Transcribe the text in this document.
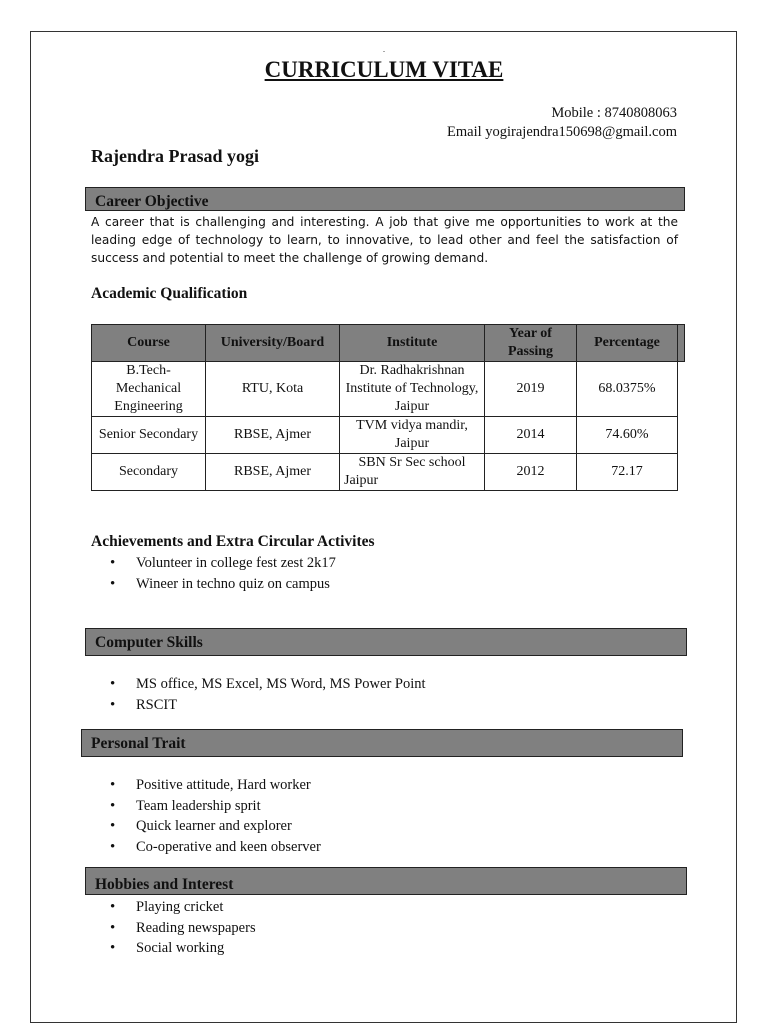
.
CURRICULUM VITAE
Mobile : 8740808063
Email yogirajendra150698@gmail.com
Rajendra Prasad yogi
Career Objective
A career that is challenging and interesting. A job that give me opportunities to work at the leading edge of technology to learn, to innovative, to lead other and feel the satisfaction of success and potential to meet the challenge of growing demand.
Academic Qualification
Course	University/Board	Institute	Year of Passing	Percentage	
B.Tech-Mechanical Engineering	RTU, Kota	Dr. Radhakrishnan Institute of Technology, Jaipur	2019	68.0375%	
Senior Secondary	RBSE, Ajmer	TVM vidya mandir, Jaipur	2014	74.60%	
Secondary	RBSE, Ajmer	SBN Sr Sec school Jaipur	2012	72.17	
Achievements and Extra Circular Activites
• Volunteer in college fest zest 2k17
• Wineer in techno quiz on campus
Computer Skills
• MS office, MS Excel, MS Word, MS Power Point
• RSCIT
Personal Trait
• Positive attitude, Hard worker
• Team leadership sprit
• Quick learner and explorer
• Co-operative and keen observer
Hobbies and Interest
• Playing cricket
• Reading newspapers
• Social working
